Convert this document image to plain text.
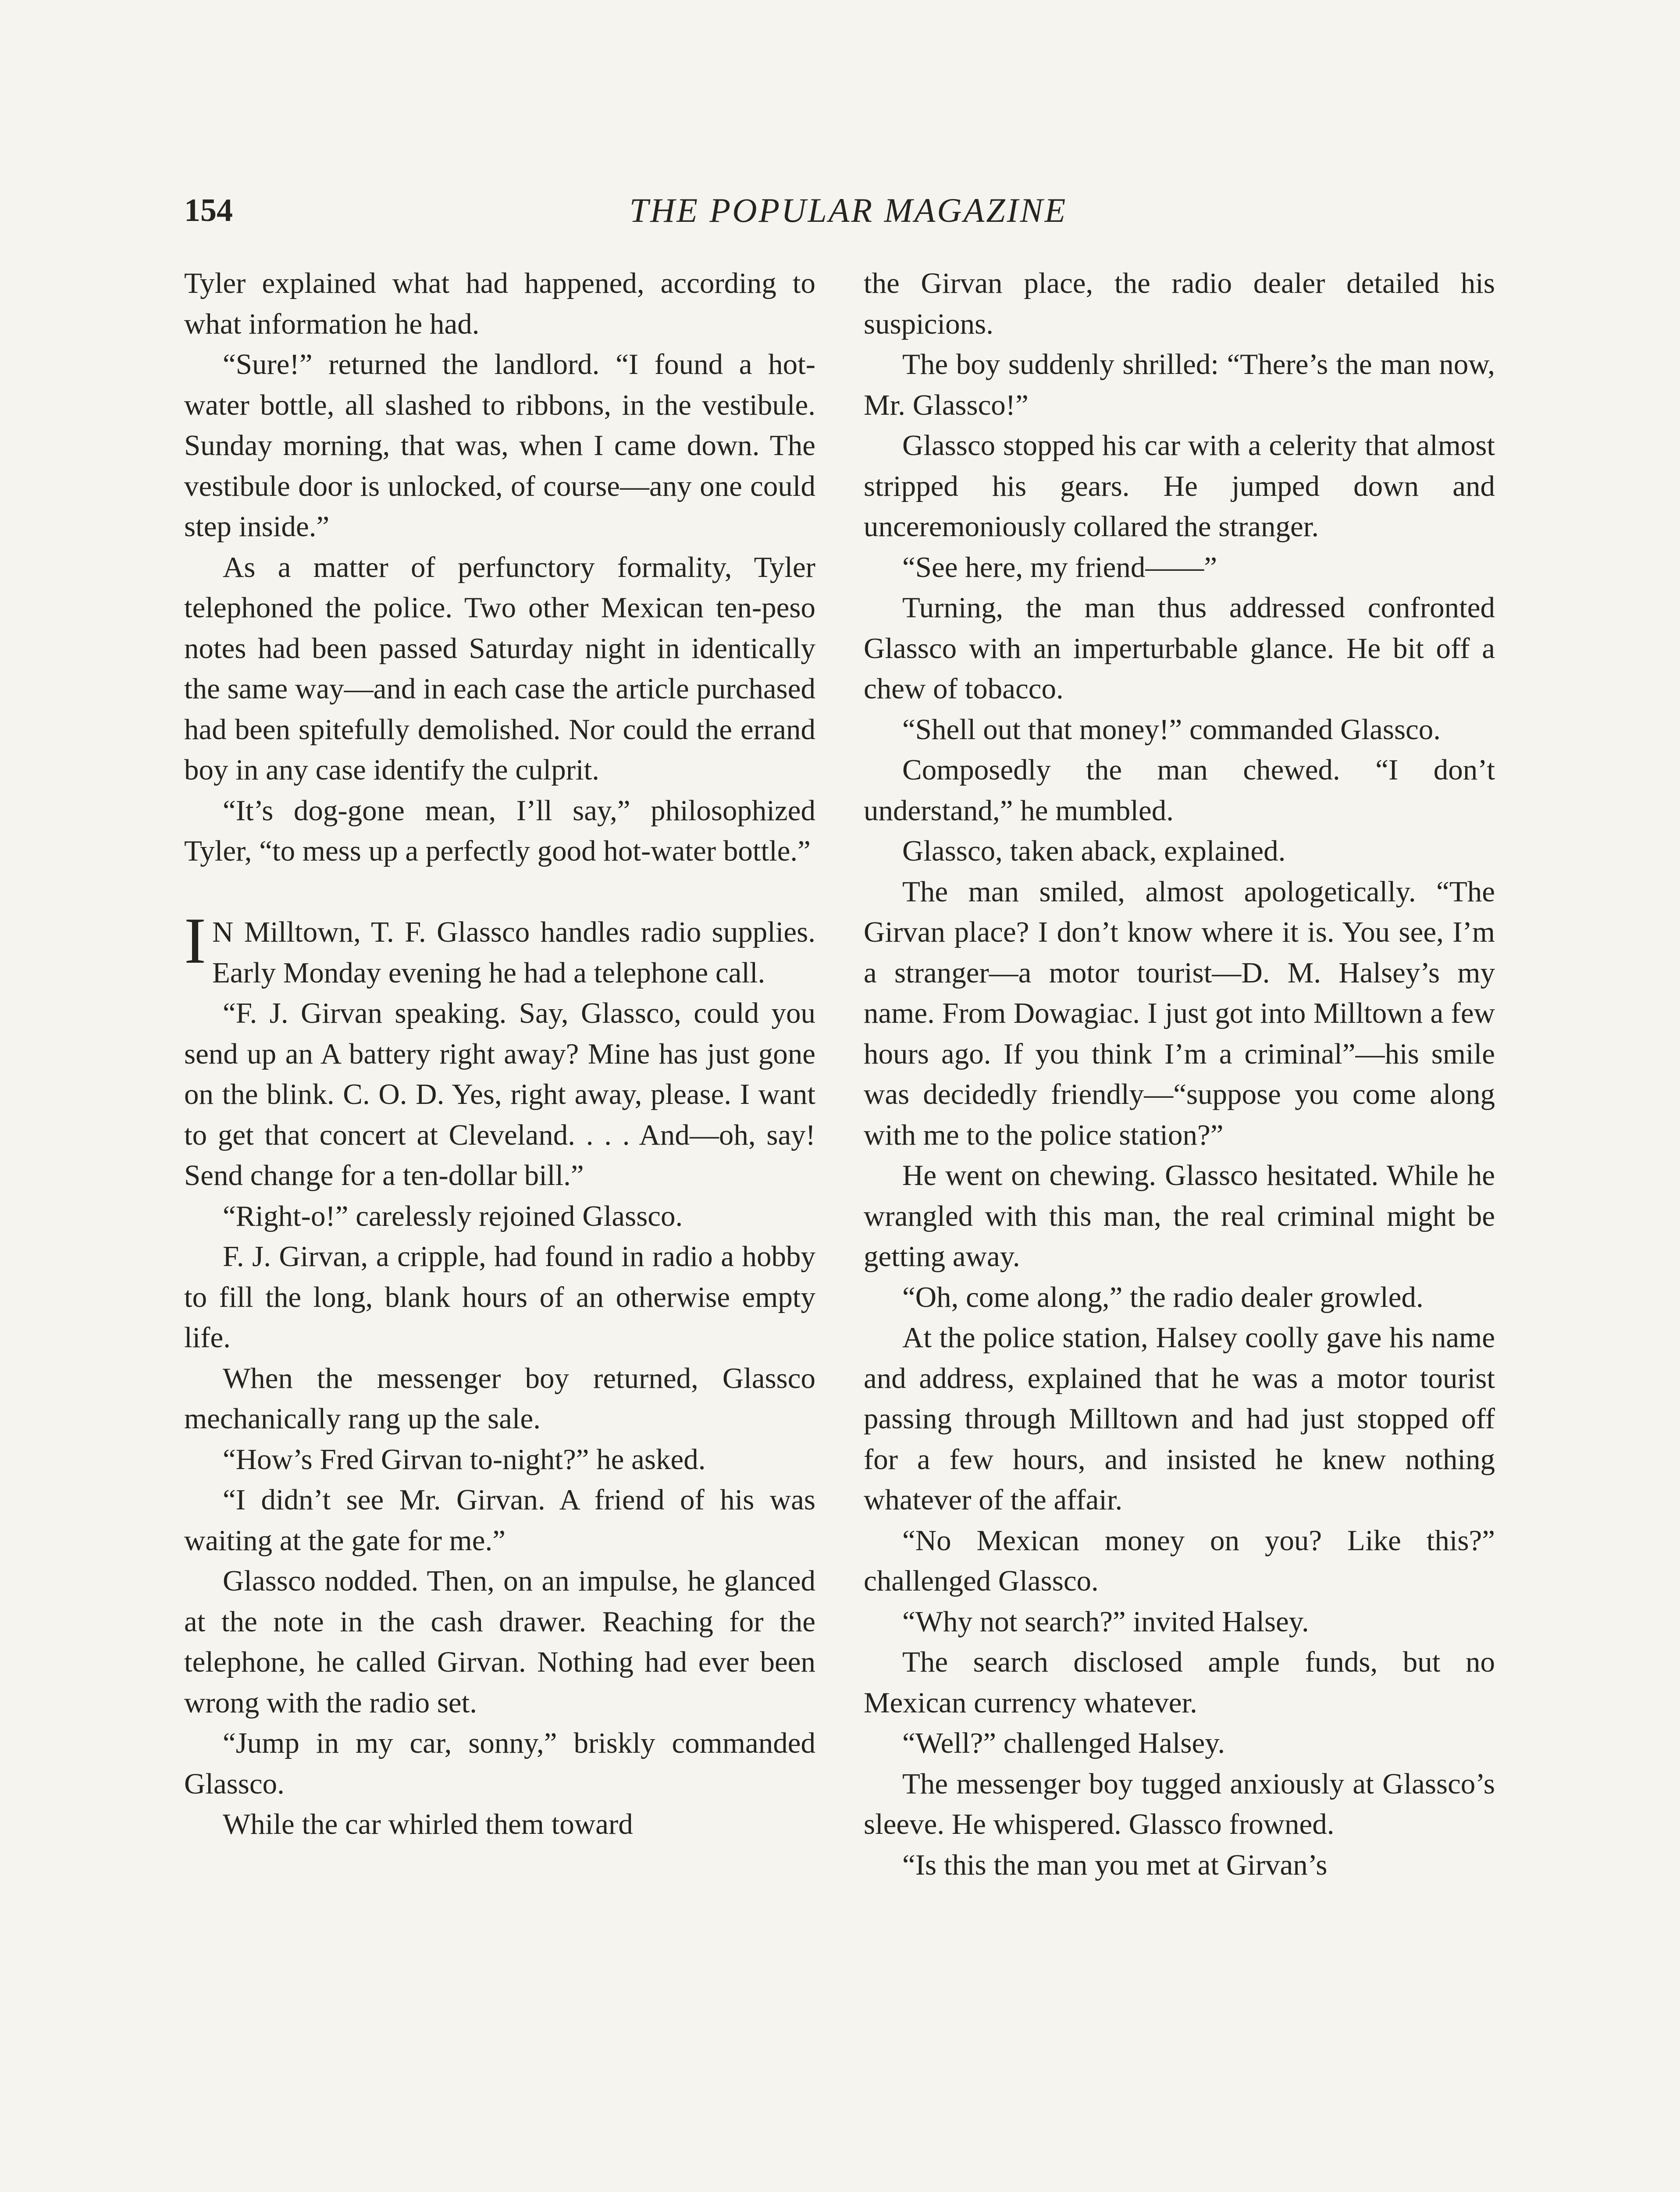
154	THE POPULAR MAGAZINE

Tyler explained what had happened, according to what information he had.

“Sure!” returned the landlord. “I found a hot-water bottle, all slashed to ribbons, in the vestibule. Sunday morning, that was, when I came down. The vestibule door is unlocked, of course—any one could step inside.”

As a matter of perfunctory formality, Tyler telephoned the police. Two other Mexican ten-peso notes had been passed Saturday night in identically the same way—and in each case the article purchased had been spitefully demolished. Nor could the errand boy in any case identify the culprit.

“It’s dog-gone mean, I’ll say,” philosophized Tyler, “to mess up a perfectly good hot-water bottle.”

I N Milltown, T. F. Glassco handles radio supplies. Early Monday evening he had a telephone call.

“F. J. Girvan speaking. Say, Glassco, could you send up an A battery right away? Mine has just gone on the blink. C. O. D. Yes, right away, please. I want to get that concert at Cleveland. . . . And—oh, say! Send change for a ten-dollar bill.”

“Right-o!” carelessly rejoined Glassco.

F. J. Girvan, a cripple, had found in radio a hobby to fill the long, blank hours of an otherwise empty life.

When the messenger boy returned, Glassco mechanically rang up the sale.

“How’s Fred Girvan to-night?” he asked.

“I didn’t see Mr. Girvan. A friend of his was waiting at the gate for me.”

Glassco nodded. Then, on an impulse, he glanced at the note in the cash drawer. Reaching for the telephone, he called Girvan. Nothing had ever been wrong with the radio set.

“Jump in my car, sonny,” briskly commanded Glassco.

While the car whirled them toward

the Girvan place, the radio dealer detailed his suspicions.

The boy suddenly shrilled: “There’s the man now, Mr. Glassco!”

Glassco stopped his car with a celerity that almost stripped his gears. He jumped down and unceremoniously collared the stranger.

“See here, my friend——”

Turning, the man thus addressed confronted Glassco with an imperturbable glance. He bit off a chew of tobacco.

“Shell out that money!” commanded Glassco.

Composedly the man chewed. “I don’t understand,” he mumbled.

Glassco, taken aback, explained.

The man smiled, almost apologetically. “The Girvan place? I don’t know where it is. You see, I’m a stranger—a motor tourist—D. M. Halsey’s my name. From Dowagiac. I just got into Milltown a few hours ago. If you think I’m a criminal”—his smile was decidedly friendly—“suppose you come along with me to the police station?”

He went on chewing. Glassco hesitated. While he wrangled with this man, the real criminal might be getting away.

“Oh, come along,” the radio dealer growled.

At the police station, Halsey coolly gave his name and address, explained that he was a motor tourist passing through Milltown and had just stopped off for a few hours, and insisted he knew nothing whatever of the affair.

“No Mexican money on you? Like this?” challenged Glassco.

“Why not search?” invited Halsey.

The search disclosed ample funds, but no Mexican currency whatever.

“Well?” challenged Halsey.

The messenger boy tugged anxiously at Glassco’s sleeve. He whispered. Glassco frowned.

“Is this the man you met at Girvan’s
